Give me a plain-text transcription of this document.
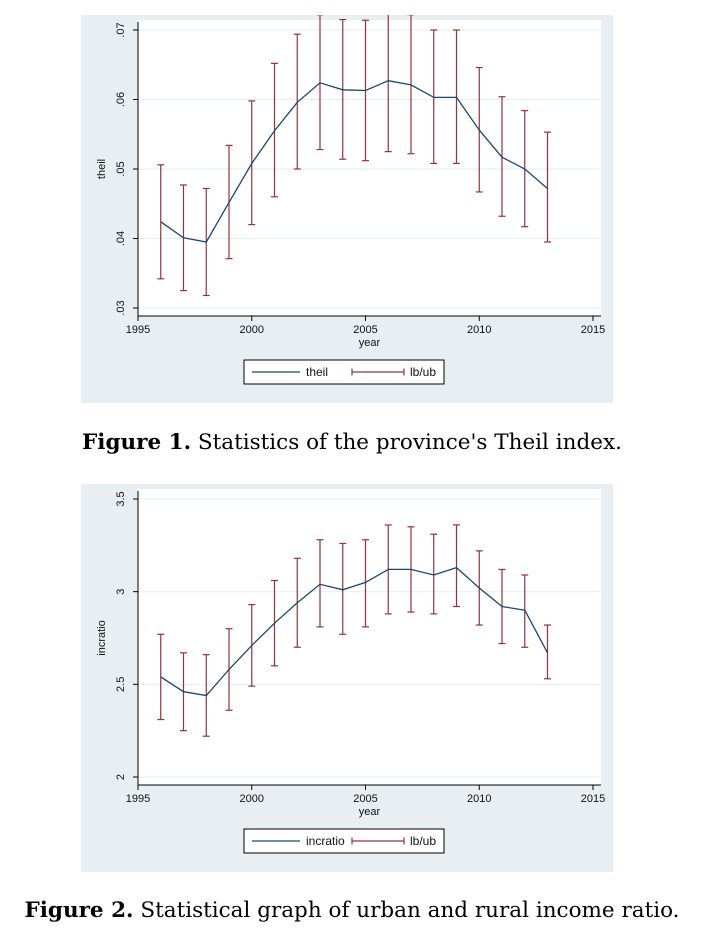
.03
.04
.05
.06
.07
theil
1995	2000	2005	2010	2015
year
theil	lb/ub
Figure 1. Statistics of the province's Theil index.
2
2.5
3
3.5
incratio
1995	2000	2005	2010	2015
year
incratio	lb/ub
Figure 2. Statistical graph of urban and rural income ratio.
